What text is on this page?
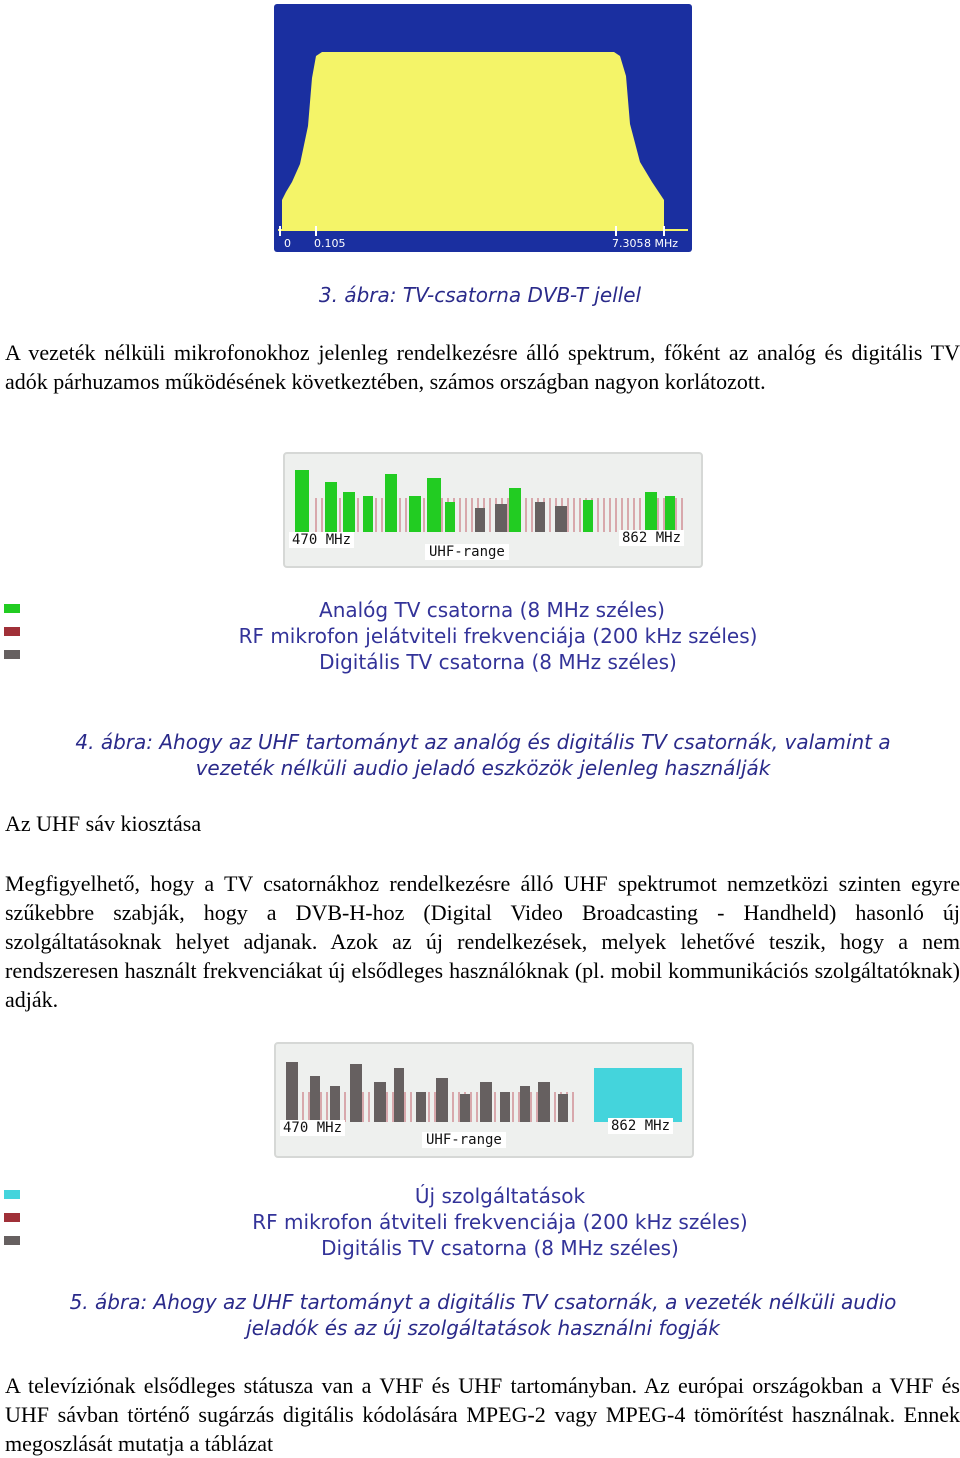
0 0.105	7.305 8 MHz
3. ábra: TV-csatorna DVB-T jellel
A vezeték nélküli mikrofonokhoz jelenleg rendelkezésre álló spektrum, főként az analóg és digitális TV adók párhuzamos működésének következtében, számos országban nagyon korlátozott.
470 MHz
UHF-range
862 MHz
Analóg TV csatorna (8 MHz széles)
RF mikrofon jelátviteli frekvenciája (200 kHz széles)
Digitális TV csatorna (8 MHz széles)
4. ábra: Ahogy az UHF tartományt az analóg és digitális TV csatornák, valamint a
vezeték nélküli audio jeladó eszközök jelenleg használják
Az UHF sáv kiosztása
Megfigyelhető, hogy a TV csatornákhoz rendelkezésre álló UHF spektrumot nemzetközi szinten egyre szűkebbre szabják, hogy a DVB-H-hoz (Digital Video Broadcasting - Handheld) hasonló új szolgáltatásoknak helyet adjanak. Azok az új rendelkezések, melyek lehetővé teszik, hogy a nem rendszeresen használt frekvenciákat új elsődleges használóknak (pl. mobil kommunikációs szolgáltatóknak) adják.
470 MHz
UHF-range
862 MHz
Új szolgáltatások
RF mikrofon átviteli frekvenciája (200 kHz széles)
Digitális TV csatorna (8 MHz széles)
5. ábra: Ahogy az UHF tartományt a digitális TV csatornák, a vezeték nélküli audio
jeladók és az új szolgáltatások használni fogják
A televíziónak elsődleges státusza van a VHF és UHF tartományban. Az európai országokban a VHF és UHF sávban történő sugárzás digitális kódolására MPEG-2 vagy MPEG-4 tömörítést használnak. Ennek megoszlását mutatja a táblázat
